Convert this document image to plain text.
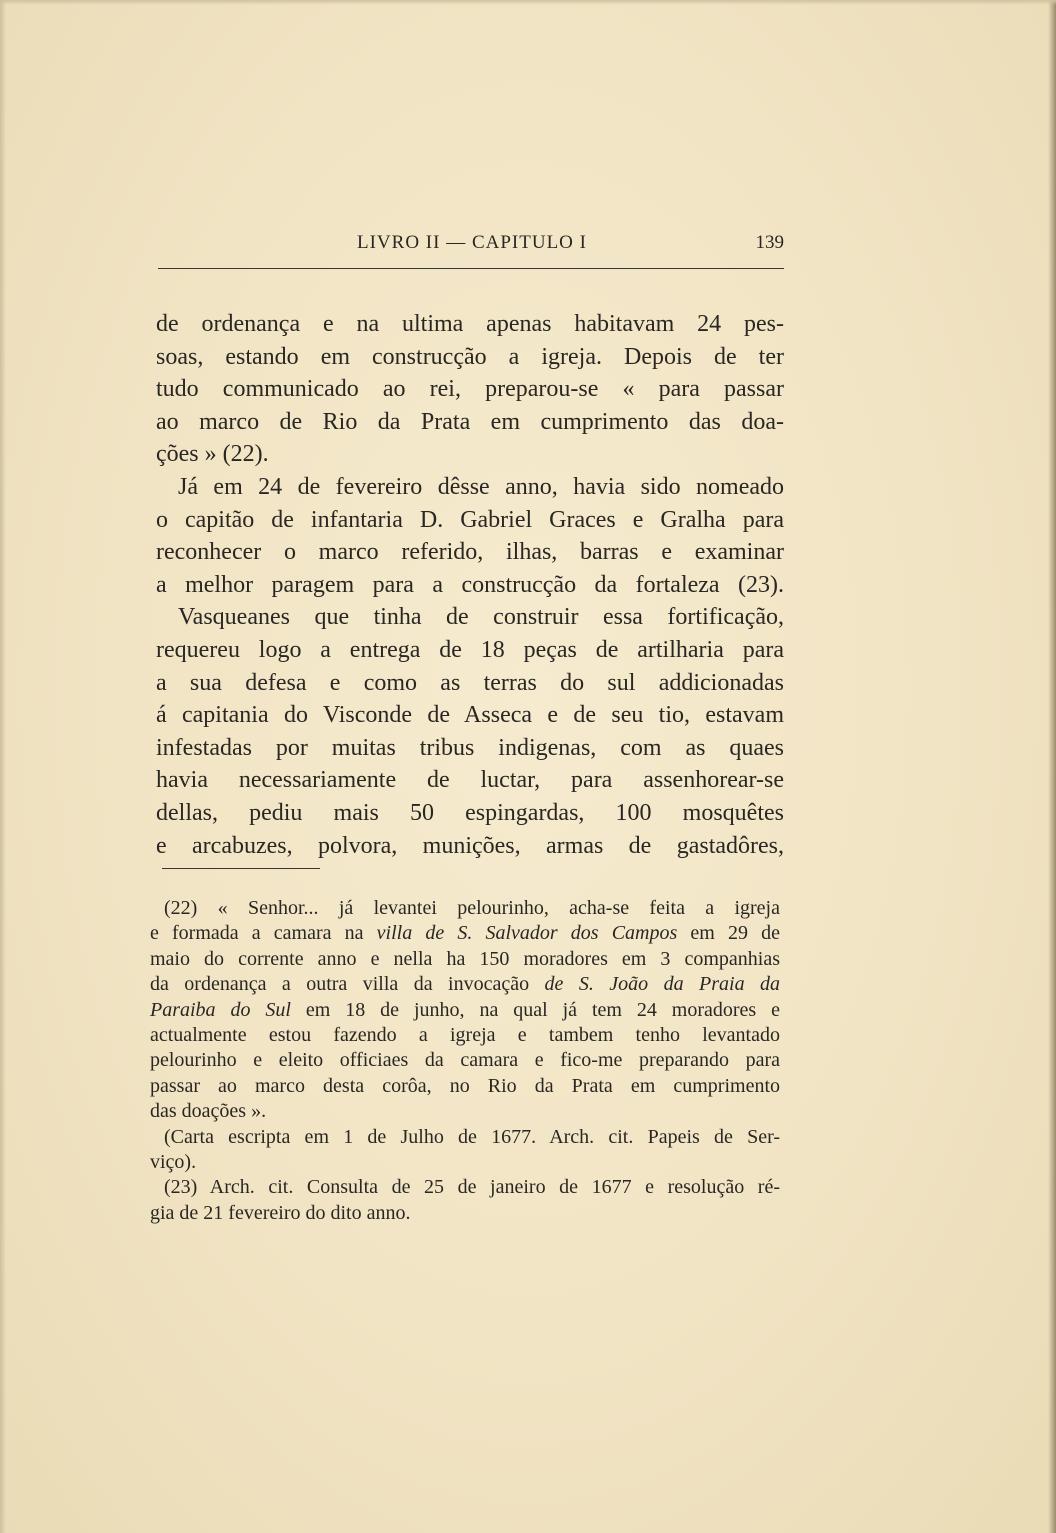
LIVRO II — CAPITULO I	139

de ordenança e na ultima apenas habitavam 24 pes-
soas, estando em construcção a igreja. Depois de ter
tudo communicado ao rei, preparou-se « para passar
ao marco de Rio da Prata em cumprimento das doa-
ções » (22).

Já em 24 de fevereiro dêsse anno, havia sido nomeado
o capitão de infantaria D. Gabriel Graces e Gralha para
reconhecer o marco referido, ilhas, barras e examinar
a melhor paragem para a construcção da fortaleza (23).

Vasqueanes que tinha de construir essa fortificação,
requereu logo a entrega de 18 peças de artilharia para
a sua defesa e como as terras do sul addicionadas
á capitania do Visconde de Asseca e de seu tio, estavam
infestadas por muitas tribus indigenas, com as quaes
havia necessariamente de luctar, para assenhorear-se
dellas, pediu mais 50 espingardas, 100 mosquêtes
e arcabuzes, polvora, munições, armas de gastadôres,

(22) « Senhor... já levantei pelourinho, acha-se feita a igreja
e formada a camara na villa de S. Salvador dos Campos em 29 de
maio do corrente anno e nella ha 150 moradores em 3 companhias
da ordenança a outra villa da invocação de S. João da Praia da
Paraiba do Sul em 18 de junho, na qual já tem 24 moradores e
actualmente estou fazendo a igreja e tambem tenho levantado
pelourinho e eleito officiaes da camara e fico-me preparando para
passar ao marco desta corôa, no Rio da Prata em cumprimento
das doações ».

(Carta escripta em 1 de Julho de 1677. Arch. cit. Papeis de Ser-
viço).

(23) Arch. cit. Consulta de 25 de janeiro de 1677 e resolução ré-
gia de 21 fevereiro do dito anno.
